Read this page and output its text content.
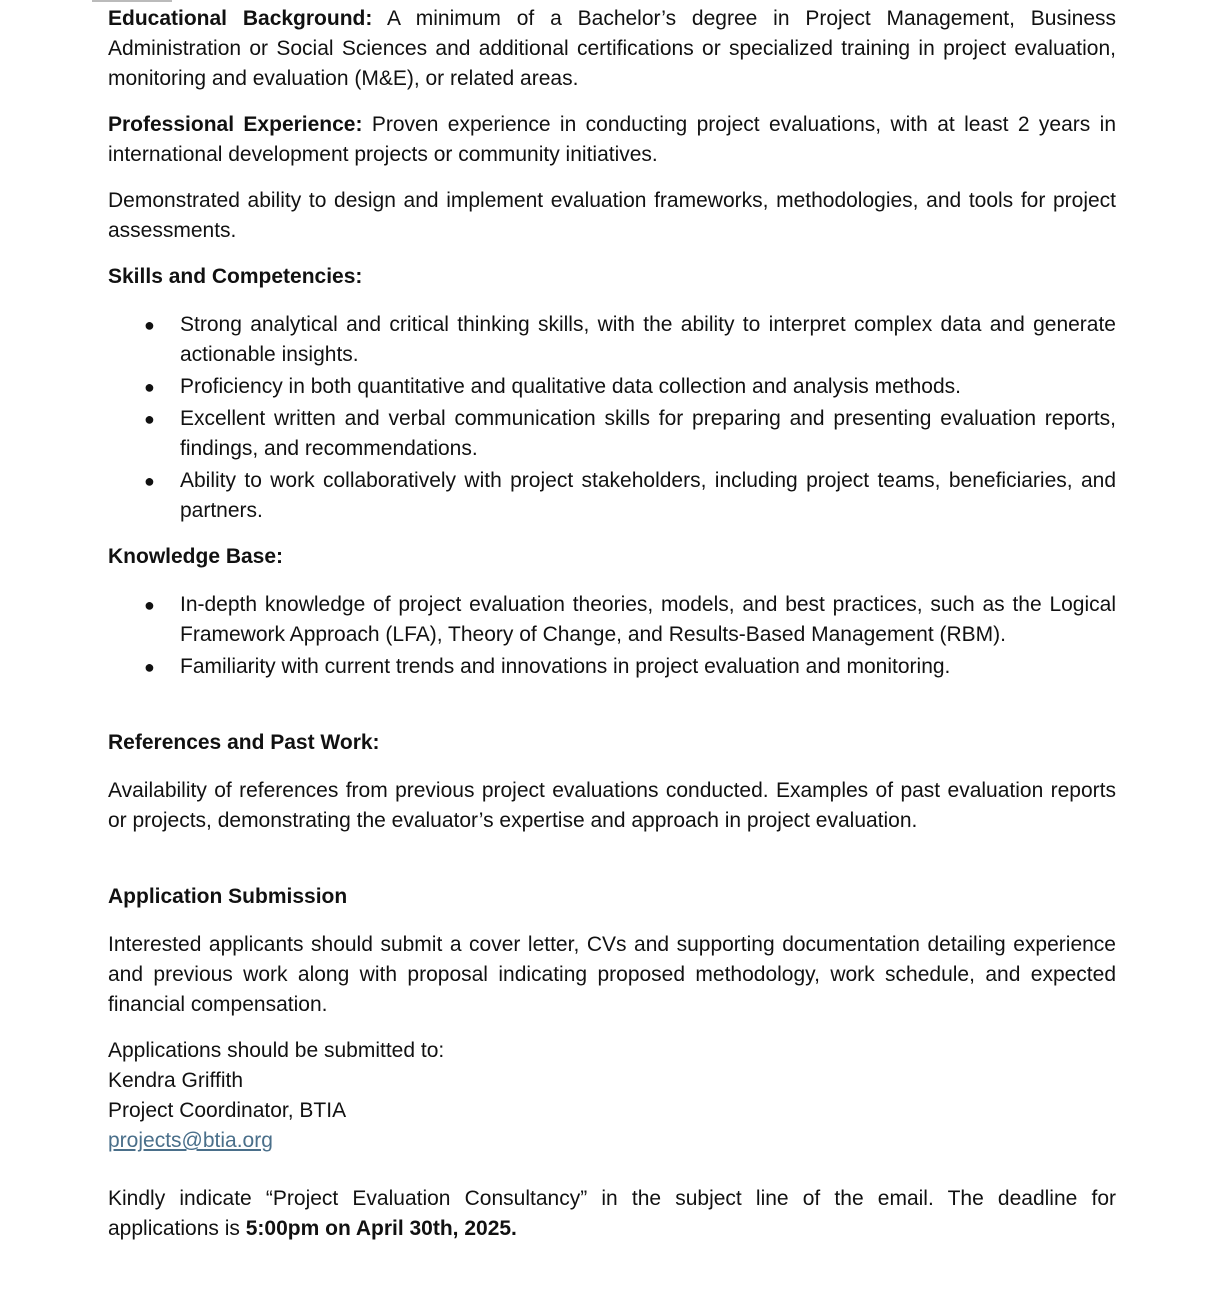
Educational Background: A minimum of a Bachelor’s degree in Project Management, Business Administration or Social Sciences and additional certifications or specialized training in project evaluation, monitoring and evaluation (M&E), or related areas.

Professional Experience: Proven experience in conducting project evaluations, with at least 2 years in international development projects or community initiatives.

Demonstrated ability to design and implement evaluation frameworks, methodologies, and tools for project assessments.

Skills and Competencies:
● Strong analytical and critical thinking skills, with the ability to interpret complex data and generate actionable insights.
● Proficiency in both quantitative and qualitative data collection and analysis methods.
● Excellent written and verbal communication skills for preparing and presenting evaluation reports, findings, and recommendations.
● Ability to work collaboratively with project stakeholders, including project teams, beneficiaries, and partners.
Knowledge Base:
● In-depth knowledge of project evaluation theories, models, and best practices, such as the Logical Framework Approach (LFA), Theory of Change, and Results-Based Management (RBM).
● Familiarity with current trends and innovations in project evaluation and monitoring.
References and Past Work:

Availability of references from previous project evaluations conducted. Examples of past evaluation reports or projects, demonstrating the evaluator’s expertise and approach in project evaluation.

Application Submission

Interested applicants should submit a cover letter, CVs and supporting documentation detailing experience and previous work along with proposal indicating proposed methodology, work schedule, and expected financial compensation.

Applications should be submitted to:
Kendra Griffith
Project Coordinator, BTIA
projects@btia.org

Kindly indicate “Project Evaluation Consultancy” in the subject line of the email. The deadline for applications is 5:00pm on April 30th, 2025.
